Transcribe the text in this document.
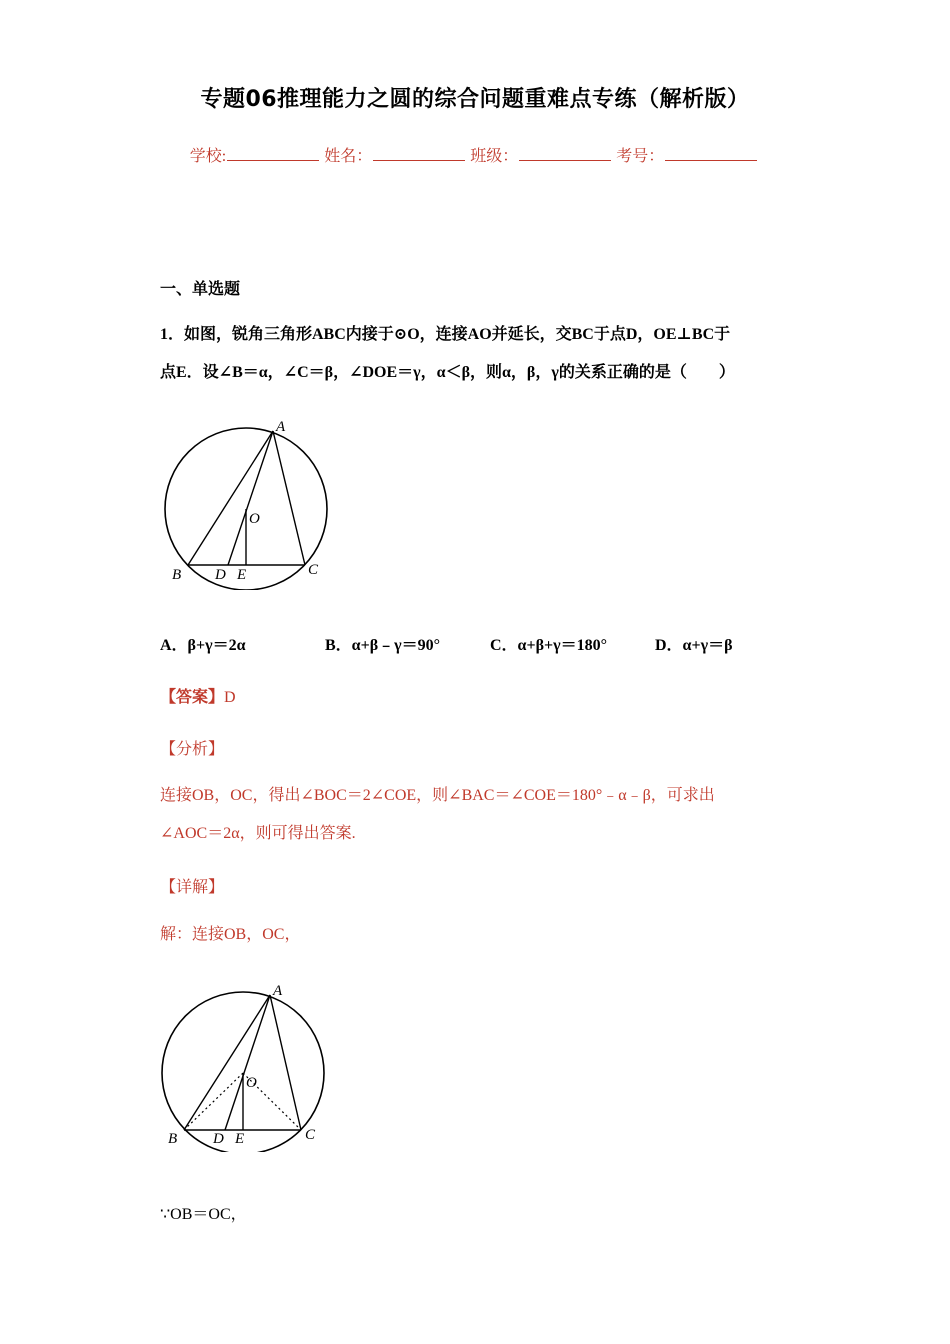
专题06推理能力之圆的综合问题重难点专练（解析版）
学校:	姓名：	班级：	考号：
一、单选题
1．如图，锐角三角形ABC内接于⊙O，连接AO并延长，交BC于点D，OE⊥BC于
点E．设∠B＝α，∠C＝β，∠DOE＝γ，α＜β，则α，β，γ的关系正确的是（　　）
A
O
B D E	C
A．β+γ＝2α	B．α+β﹣γ＝90°	C．α+β+γ＝180°	D．α+γ＝β
【答案】D
【分析】
连接OB，OC，得出∠BOC＝2∠COE，则∠BAC＝∠COE＝180°﹣α﹣β，可求出
∠AOC＝2α，则可得出答案.
【详解】
解：连接OB，OC，
A
O
B D E	C
∵OB＝OC，
